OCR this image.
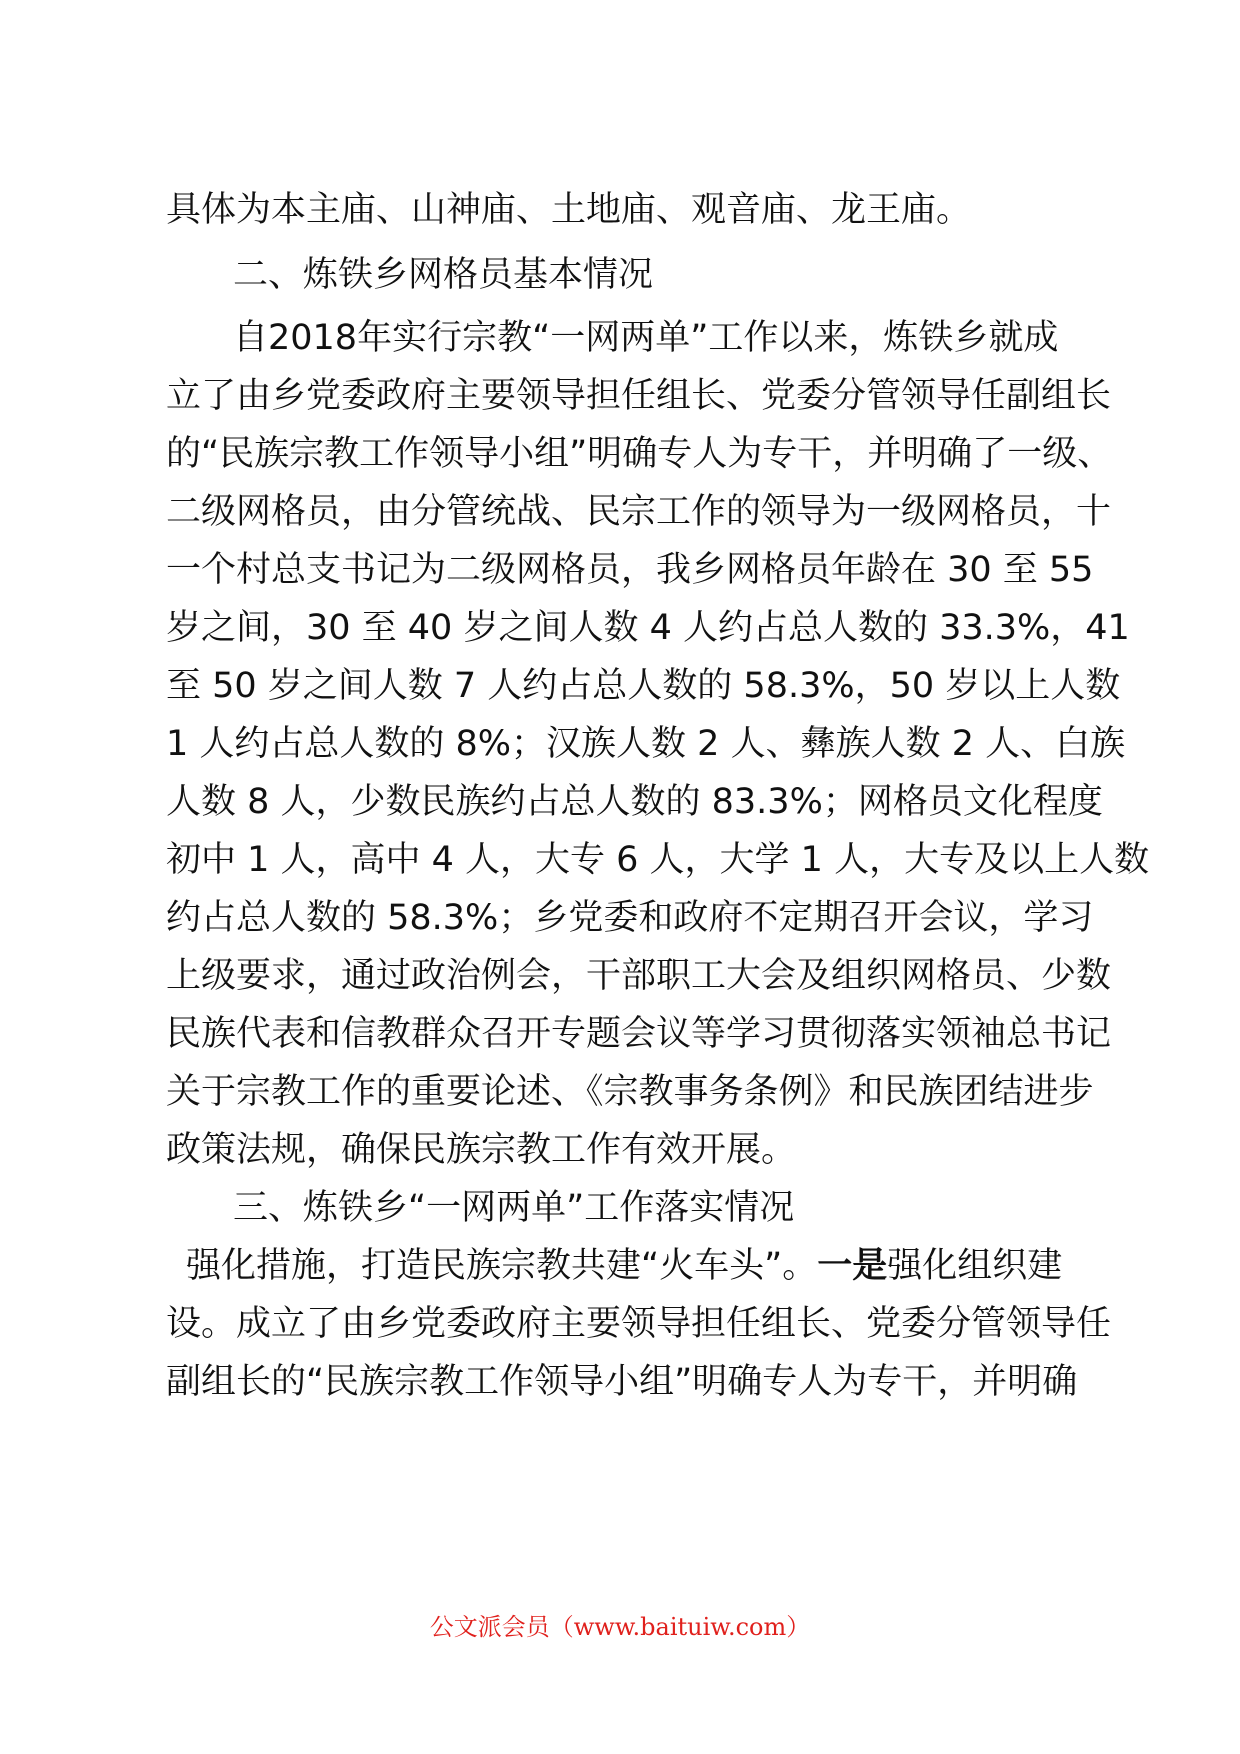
具体为本主庙、山神庙、土地庙、观音庙、龙王庙。
二、炼铁乡网格员基本情况
自2018年实行宗教“一网两单”工作以来，炼铁乡就成
立了由乡党委政府主要领导担任组长、党委分管领导任副组长
的“民族宗教工作领导小组”明确专人为专干，并明确了一级、
二级网格员，由分管统战、民宗工作的领导为一级网格员，十
一个村总支书记为二级网格员，我乡网格员年龄在 30 至 55
岁之间，30 至 40 岁之间人数 4 人约占总人数的 33.3%，41
至 50 岁之间人数 7 人约占总人数的 58.3%，50 岁以上人数
1 人约占总人数的 8%；汉族人数 2 人、彝族人数 2 人、白族
人数 8 人，少数民族约占总人数的 83.3%；网格员文化程度
初中 1 人，高中 4 人，大专 6 人，大学 1 人，大专及以上人数
约占总人数的 58.3%；乡党委和政府不定期召开会议，学习
上级要求，通过政治例会，干部职工大会及组织网格员、少数
民族代表和信教群众召开专题会议等学习贯彻落实领袖总书记
关于宗教工作的重要论述、《宗教事务条例》和民族团结进步
政策法规，确保民族宗教工作有效开展。
三、炼铁乡“一网两单”工作落实情况
强化措施，打造民族宗教共建“火车头”。一是强化组织建
设。成立了由乡党委政府主要领导担任组长、党委分管领导任
副组长的“民族宗教工作领导小组”明确专人为专干，并明确
公文派会员（www.baituiw.com）
